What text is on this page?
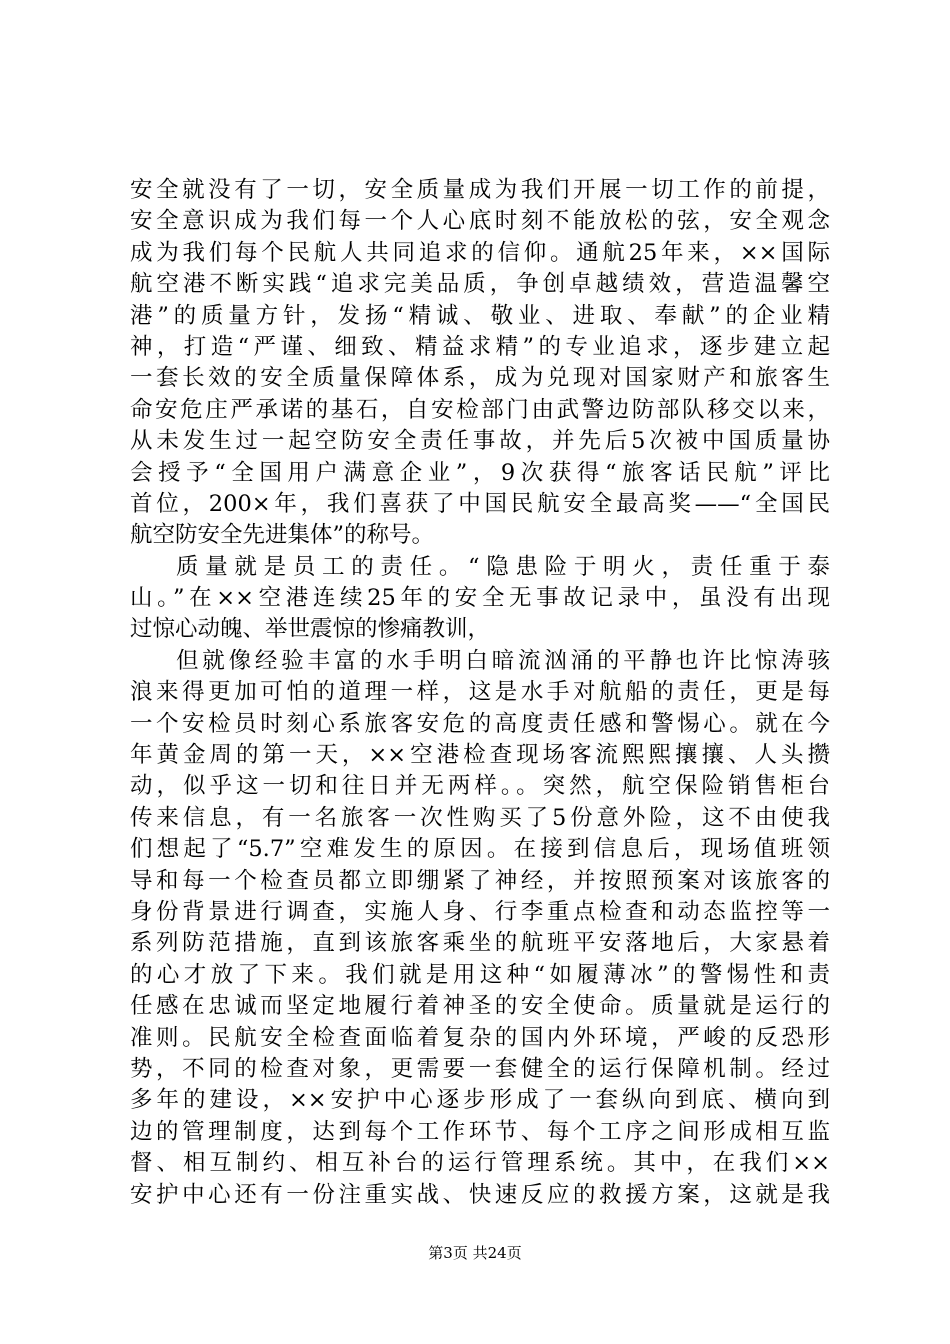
安全就没有了一切，安全质量成为我们开展一切工作的前提，
安全意识成为我们每一个人心底时刻不能放松的弦，安全观念
成为我们每个民航人共同追求的信仰。通航25年来，××国际
航空港不断实践“追求完美品质，争创卓越绩效，营造温馨空
港”的质量方针，发扬“精诚、敬业、进取、奉献”的企业精
神，打造“严谨、细致、精益求精”的专业追求，逐步建立起
一套长效的安全质量保障体系，成为兑现对国家财产和旅客生
命安危庄严承诺的基石，自安检部门由武警边防部队移交以来，
从未发生过一起空防安全责任事故，并先后5次被中国质量协
会授予“全国用户满意企业”，9次获得“旅客话民航”评比
首位，200×年，我们喜获了中国民航安全最高奖——“全国民
航空防安全先进集体”的称号。
质量就是员工的责任。“隐患险于明火，责任重于泰
山。”在××空港连续25年的安全无事故记录中，虽没有出现
过惊心动魄、举世震惊的惨痛教训，
但就像经验丰富的水手明白暗流汹涌的平静也许比惊涛骇
浪来得更加可怕的道理一样，这是水手对航船的责任，更是每
一个安检员时刻心系旅客安危的高度责任感和警惕心。就在今
年黄金周的第一天，××空港检查现场客流熙熙攘攘、人头攒
动，似乎这一切和往日并无两样。。突然，航空保险销售柜台
传来信息，有一名旅客一次性购买了5份意外险，这不由使我
们想起了“5.7”空难发生的原因。在接到信息后，现场值班领
导和每一个检查员都立即绷紧了神经，并按照预案对该旅客的
身份背景进行调查，实施人身、行李重点检查和动态监控等一
系列防范措施，直到该旅客乘坐的航班平安落地后，大家悬着
的心才放了下来。我们就是用这种“如履薄冰”的警惕性和责
任感在忠诚而坚定地履行着神圣的安全使命。质量就是运行的
准则。民航安全检查面临着复杂的国内外环境，严峻的反恐形
势，不同的检查对象，更需要一套健全的运行保障机制。经过
多年的建设，××安护中心逐步形成了一套纵向到底、横向到
边的管理制度，达到每个工作环节、每个工序之间形成相互监
督、相互制约、相互补台的运行管理系统。其中，在我们××
安护中心还有一份注重实战、快速反应的救援方案，这就是我
第3页 共24页
